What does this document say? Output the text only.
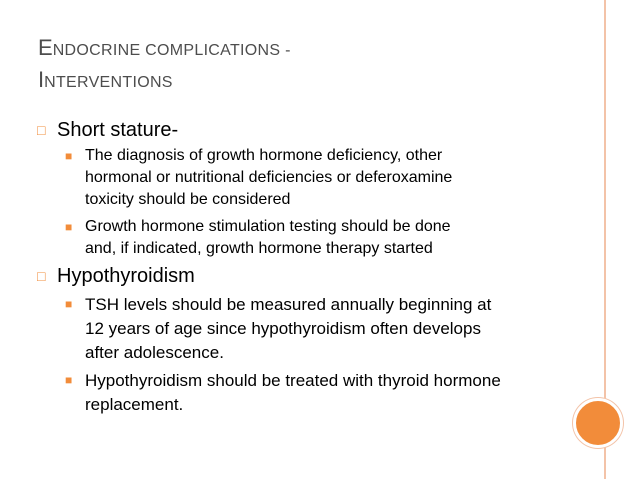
ENDOCRINE COMPLICATIONS -
INTERVENTIONS
□ Short stature-
■ The diagnosis of growth hormone deficiency, other
hormonal or nutritional deficiencies or deferoxamine
toxicity should be considered
■ Growth hormone stimulation testing should be done
and, if indicated, growth hormone therapy started
□ Hypothyroidism
■ TSH levels should be measured annually beginning at
12 years of age since hypothyroidism often develops
after adolescence.
■ Hypothyroidism should be treated with thyroid hormone
replacement.
